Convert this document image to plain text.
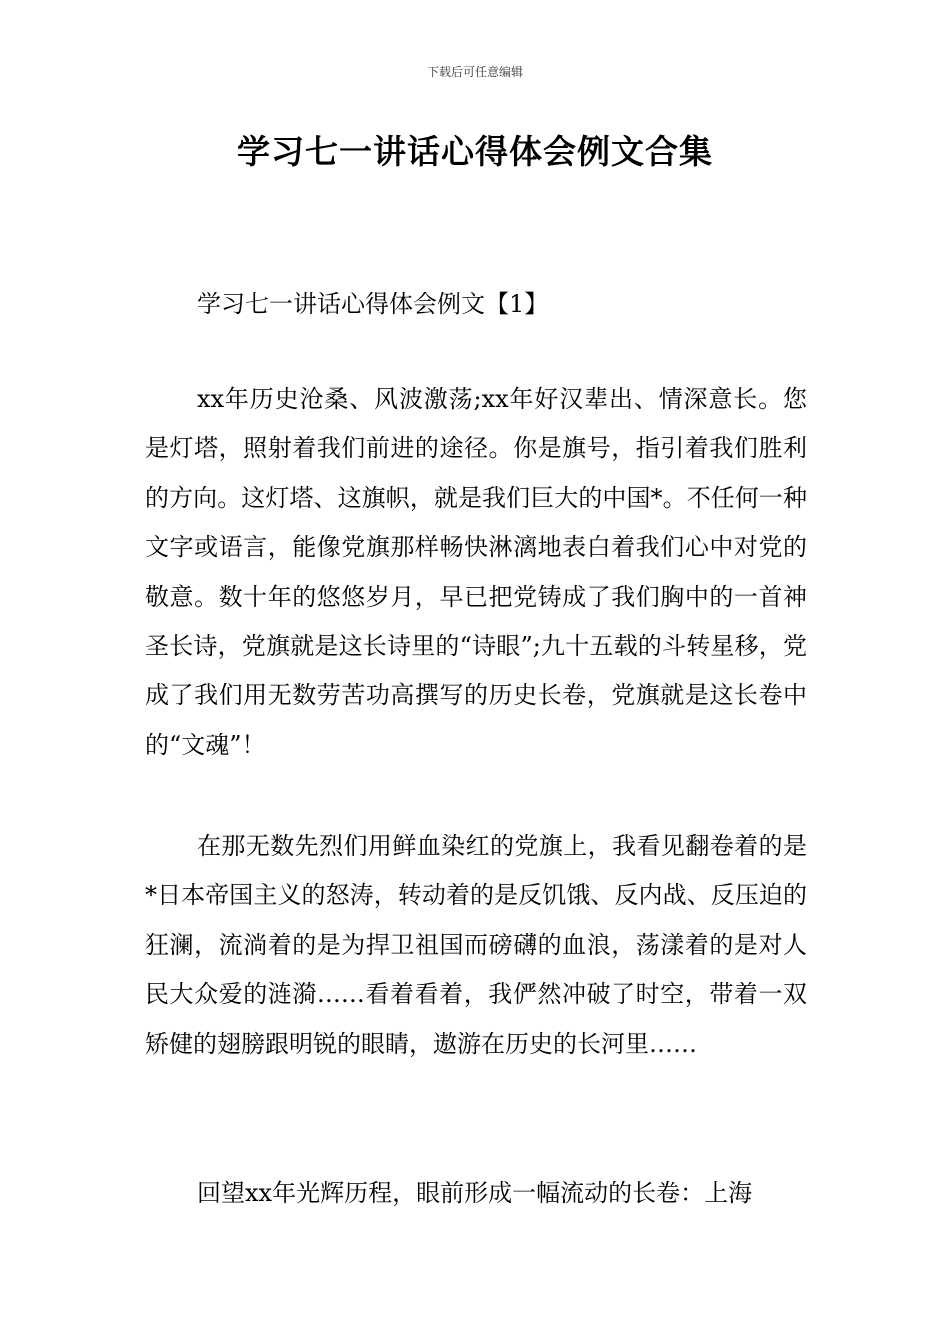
下载后可任意编辑
学习七一讲话心得体会例文合集

学习七一讲话心得体会例文【1】

xx年历史沧桑、风波激荡;xx年好汉辈出、情深意长。您是灯塔，照射着我们前进的途径。你是旗号，指引着我们胜利的方向。这灯塔、这旗帜，就是我们巨大的中国*。不任何一种文字或语言，能像党旗那样畅快淋漓地表白着我们心中对党的敬意。数十年的悠悠岁月，早已把党铸成了我们胸中的一首神圣长诗，党旗就是这长诗里的“诗眼”;九十五载的斗转星移，党成了我们用无数劳苦功高撰写的历史长卷，党旗就是这长卷中的“文魂”！

在那无数先烈们用鲜血染红的党旗上，我看见翻卷着的是*日本帝国主义的怒涛，转动着的是反饥饿、反内战、反压迫的狂澜，流淌着的是为捍卫祖国而磅礴的血浪，荡漾着的是对人民大众爱的涟漪……看着看着，我俨然冲破了时空，带着一双矫健的翅膀跟明锐的眼睛，遨游在历史的长河里……

回望xx年光辉历程，眼前形成一幅流动的长卷：上海
